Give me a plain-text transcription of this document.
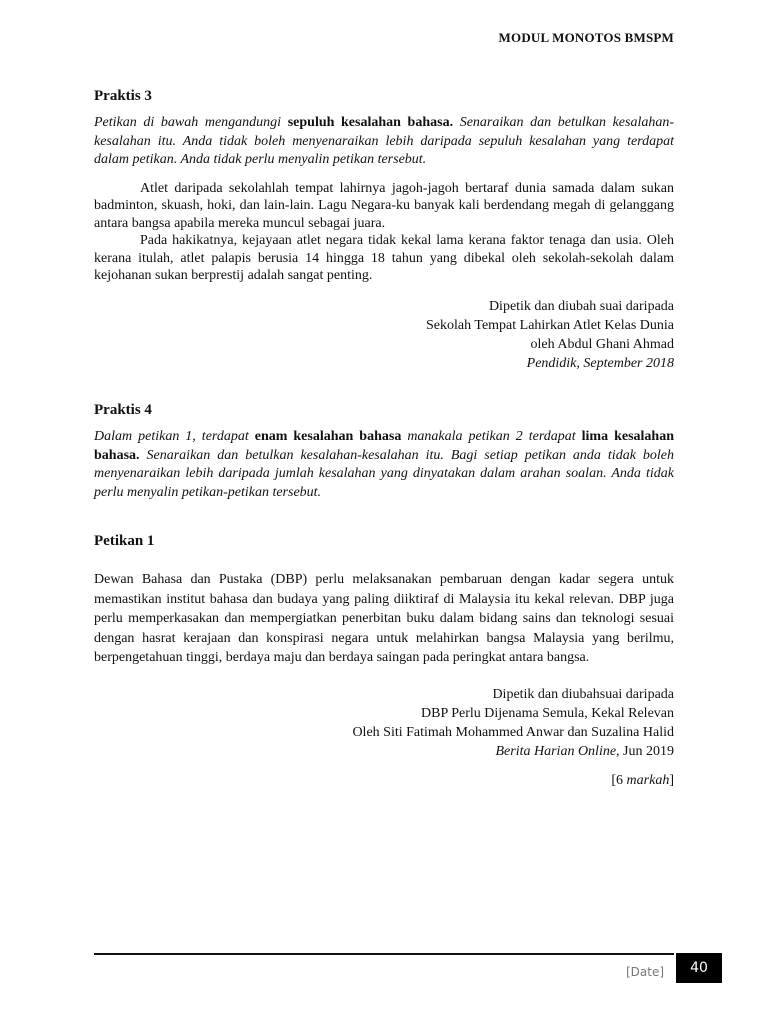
MODUL MONOTOS BMSPM

Praktis 3

Petikan di bawah mengandungi sepuluh kesalahan bahasa. Senaraikan dan betulkan kesalahan-kesalahan itu. Anda tidak boleh menyenaraikan lebih daripada sepuluh kesalahan yang terdapat dalam petikan. Anda tidak perlu menyalin petikan tersebut.

Atlet daripada sekolahlah tempat lahirnya jagoh-jagoh bertaraf dunia samada dalam sukan badminton, skuash, hoki, dan lain-lain. Lagu Negara-ku banyak kali berdendang megah di gelanggang antara bangsa apabila mereka muncul sebagai juara.

Pada hakikatnya, kejayaan atlet negara tidak kekal lama kerana faktor tenaga dan usia. Oleh kerana itulah, atlet palapis berusia 14 hingga 18 tahun yang dibekal oleh sekolah-sekolah dalam kejohanan sukan berprestij adalah sangat penting.

Dipetik dan diubah suai daripada
Sekolah Tempat Lahirkan Atlet Kelas Dunia
oleh Abdul Ghani Ahmad
Pendidik, September 2018

Praktis 4

Dalam petikan 1, terdapat enam kesalahan bahasa manakala petikan 2 terdapat lima kesalahan bahasa. Senaraikan dan betulkan kesalahan-kesalahan itu. Bagi setiap petikan anda tidak boleh menyenaraikan lebih daripada jumlah kesalahan yang dinyatakan dalam arahan soalan. Anda tidak perlu menyalin petikan-petikan tersebut.

Petikan 1

Dewan Bahasa dan Pustaka (DBP) perlu melaksanakan pembaruan dengan kadar segera untuk memastikan institut bahasa dan budaya yang paling diiktiraf di Malaysia itu kekal relevan. DBP juga perlu memperkasakan dan mempergiatkan penerbitan buku dalam bidang sains dan teknologi sesuai dengan hasrat kerajaan dan konspirasi negara untuk melahirkan bangsa Malaysia yang berilmu, berpengetahuan tinggi, berdaya maju dan berdaya saingan pada peringkat antara bangsa.

Dipetik dan diubahsuai daripada
DBP Perlu Dijenama Semula, Kekal Relevan
Oleh Siti Fatimah Mohammed Anwar dan Suzalina Halid
Berita Harian Online, Jun 2019
[6 markah]
[Date]	40
